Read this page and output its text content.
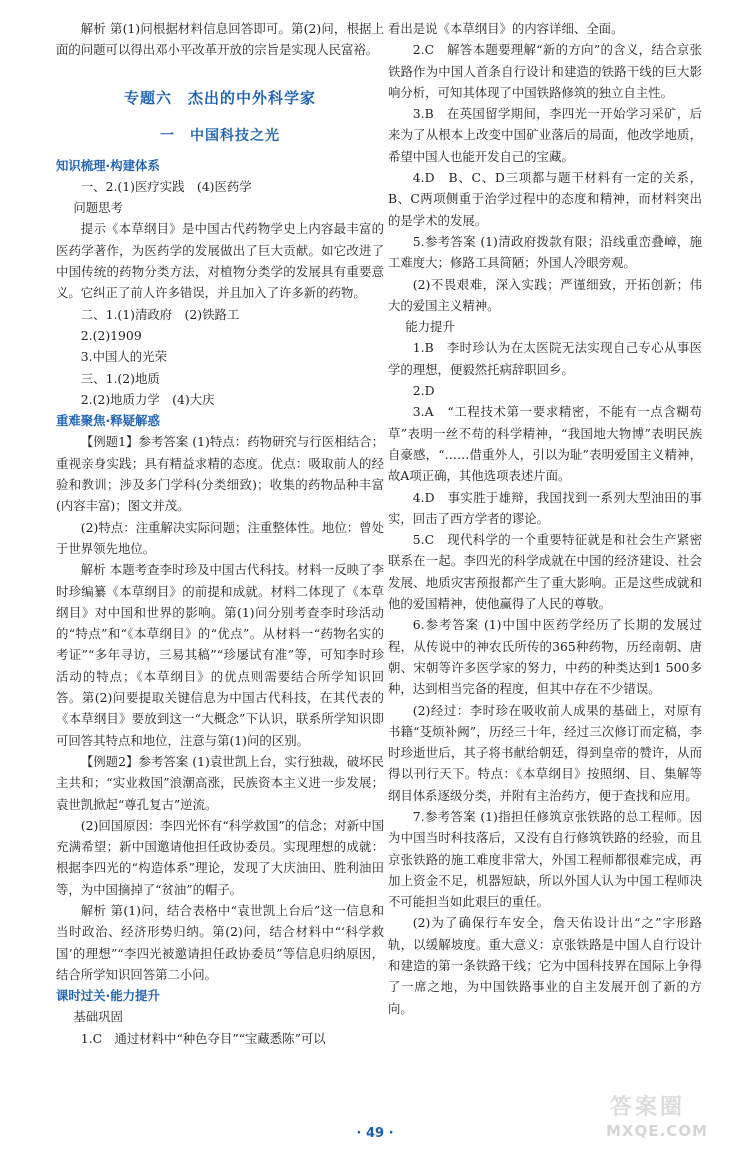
解析 第(1)问根据材料信息回答即可。第(2)问，根据上面的问题可以得出邓小平改革开放的宗旨是实现人民富裕。

专题六　杰出的中外科学家
一　中国科技之光
知识梳理·构建体系

一、2.(1)医疗实践　(4)医药学

问题思考

提示《本草纲目》是中国古代药物学史上内容最丰富的医药学著作，为医药学的发展做出了巨大贡献。如它改进了中国传统的药物分类方法，对植物分类学的发展具有重要意义。它纠正了前人许多错误，并且加入了许多新的药物。

二、1.(1)清政府　(2)铁路工

2.(2)1909

3.中国人的光荣

三、1.(2)地质

2.(2)地质力学　(4)大庆

重难聚焦·释疑解惑

【例题1】参考答案 (1)特点：药物研究与行医相结合；重视亲身实践；具有精益求精的态度。优点：吸取前人的经验和教训；涉及多门学科(分类细致)；收集的药物品种丰富(内容丰富)；图文并茂。

(2)特点：注重解决实际问题；注重整体性。地位：曾处于世界领先地位。

解析 本题考查李时珍及中国古代科技。材料一反映了李时珍编纂《本草纲目》的前提和成就。材料二体现了《本草纲目》对中国和世界的影响。第(1)问分别考查李时珍活动的“特点”和“《本草纲目》的“优点”。从材料一“药物名实的考证”“多年寻访，三易其稿”“珍屡试有准”等，可知李时珍活动的特点；《本草纲目》的优点则需要结合所学知识回答。第(2)问要提取关键信息为中国古代科技，在其代表的《本草纲目》要放到这一“大概念”下认识，联系所学知识即可回答其特点和地位，注意与第(1)问的区别。

【例题2】参考答案 (1)袁世凯上台，实行独裁，破坏民主共和；“实业救国”浪潮高涨，民族资本主义进一步发展；袁世凯掀起“尊孔复古”逆流。

(2)回国原因：李四光怀有“科学救国”的信念；对新中国充满希望；新中国邀请他担任政协委员。实现理想的成就：根据李四光的“构造体系”理论，发现了大庆油田、胜利油田等，为中国摘掉了“贫油”的帽子。

解析 第(1)问，结合表格中“袁世凯上台后”这一信息和当时政治、经济形势归纳。第(2)问，结合材料中“‘科学救国’的理想”“李四光被邀请担任政协委员”等信息归纳原因，结合所学知识回答第二小问。

课时过关·能力提升

基础巩固

1.C　通过材料中“种色夺目”“宝藏悉陈”可以

看出是说《本草纲目》的内容详细、全面。

2.C　解答本题要理解“新的方向”的含义，结合京张铁路作为中国人首条自行设计和建造的铁路干线的巨大影响分析，可知其体现了中国铁路修筑的独立自主性。

3.B　在英国留学期间，李四光一开始学习采矿，后来为了从根本上改变中国矿业落后的局面，他改学地质，希望中国人也能开发自己的宝藏。

4.D　B、C、D三项都与题干材料有一定的关系，B、C两项侧重于治学过程中的态度和精神，而材料突出的是学术的发展。

5.参考答案 (1)清政府拨款有限；沿线重峦叠嶂，施工难度大；修路工具简陋；外国人冷眼旁观。

(2)不畏艰难，深入实践；严谨细致，开拓创新；伟大的爱国主义精神。

能力提升

1.B　李时珍认为在太医院无法实现自己专心从事医学的理想，便毅然托病辞职回乡。

2.D

3.A　“工程技术第一要求精密，不能有一点含糊苟草”表明一丝不苟的科学精神，“我国地大物博”表明民族自豪感，“……借重外人，引以为耻”表明爱国主义精神，故A项正确，其他选项表述片面。

4.D　事实胜于雄辩，我国找到一系列大型油田的事实，回击了西方学者的谬论。

5.C　现代科学的一个重要特征就是和社会生产紧密联系在一起。李四光的科学成就在中国的经济建设、社会发展、地质灾害预报都产生了重大影响。正是这些成就和他的爱国精神，使他赢得了人民的尊敬。

6.参考答案 (1)中国中医药学经历了长期的发展过程，从传说中的神农氏所传的365种药物，历经南朝、唐朝、宋朝等许多医学家的努力，中药的种类达到1 500多种，达到相当完备的程度，但其中存在不少错误。

(2)经过：李时珍在吸收前人成果的基础上，对原有书籍“芟烦补阙”，历经三十年，经过三次修订而定稿，李时珍逝世后，其子将书献给朝廷，得到皇帝的赞许，从而得以刊行天下。特点：《本草纲目》按照纲、目、集解等纲目体系逐级分类，并附有主治药方，便于查找和应用。

7.参考答案 (1)指担任修筑京张铁路的总工程师。因为中国当时科技落后，又没有自行修筑铁路的经验，而且京张铁路的施工难度非常大，外国工程师都很难完成，再加上资金不足，机器短缺，所以外国人认为中国工程师决不可能担当如此艰巨的重任。

(2)为了确保行车安全，詹天佑设计出“之”字形路轨，以缓解坡度。重大意义：京张铁路是中国人自行设计和建造的第一条铁路干线；它为中国科技界在国际上争得了一席之地，为中国铁路事业的自主发展开创了新的方向。

· 49 ·
答案圈
MXQE.COM
